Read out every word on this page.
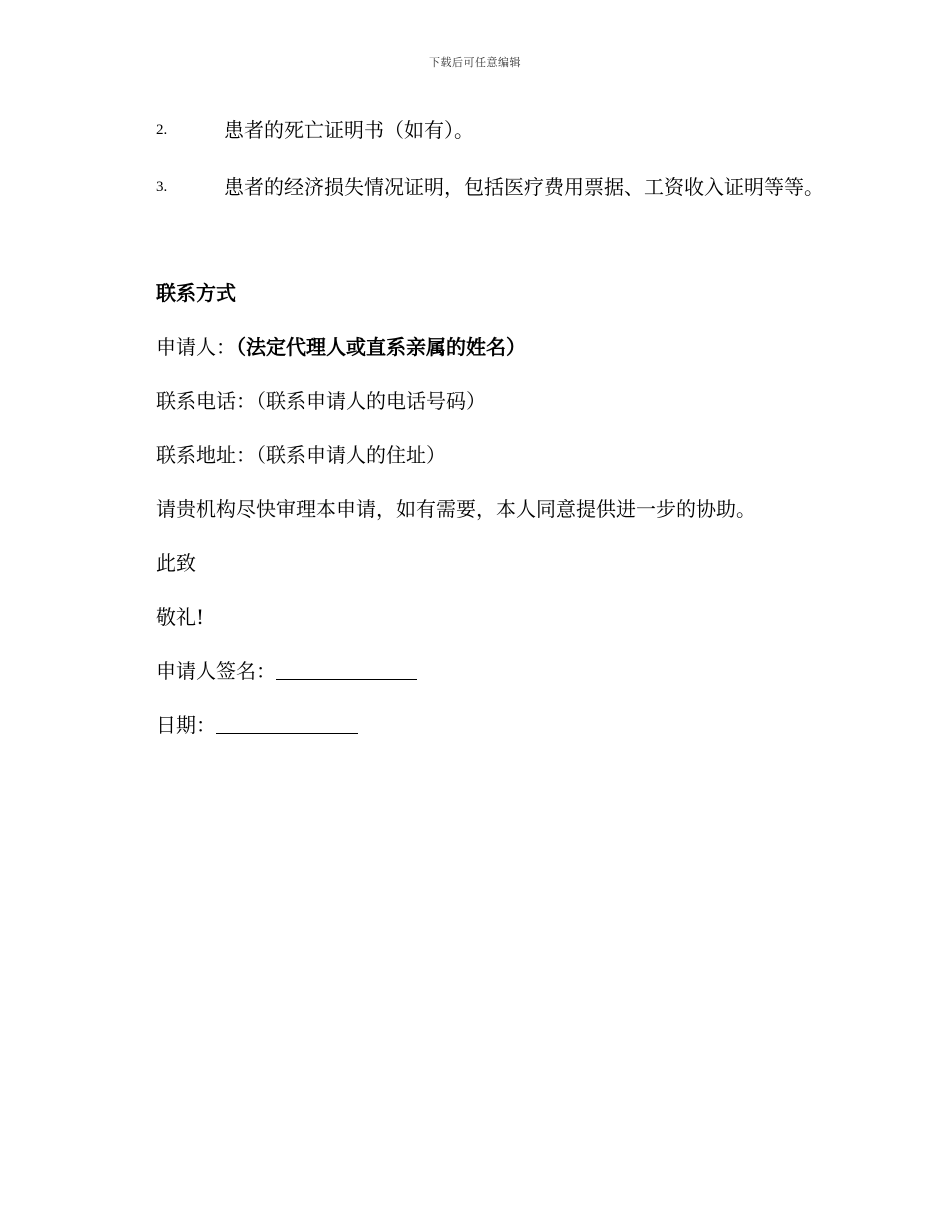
下载后可任意编辑
2.	患者的死亡证明书（如有）。
3.	患者的经济损失情况证明，包括医疗费用票据、工资收入证明等等。

联系方式

申请人：（法定代理人或直系亲属的姓名）

联系电话：（联系申请人的电话号码）

联系地址：（联系申请人的住址）

请贵机构尽快审理本申请，如有需要，本人同意提供进一步的协助。

此致

敬礼!

申请人签名：

日期：
